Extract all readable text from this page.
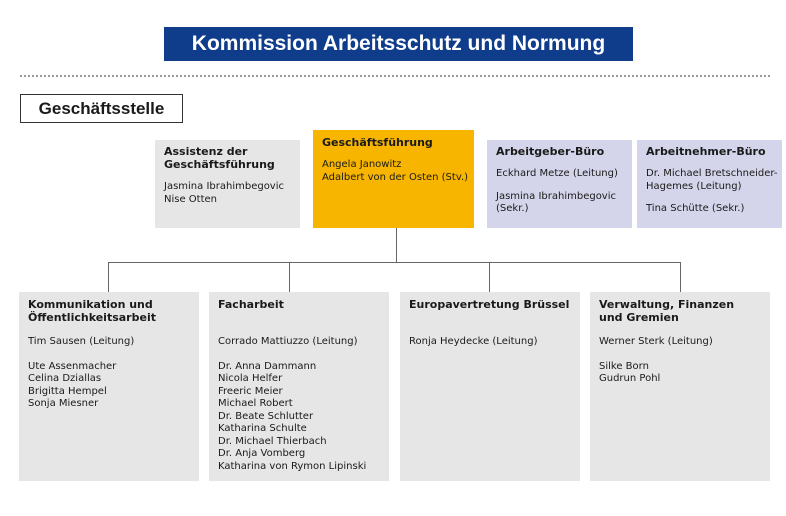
Kommission Arbeitsschutz und Normung
Geschäftsstelle
Assistenz der
Geschäftsführung
Jasmina Ibrahimbegovic
Nise Otten
Geschäftsführung
Angela Janowitz
Adalbert von der Osten (Stv.)
Arbeitgeber-Büro
Eckhard Metze (Leitung)
Jasmina Ibrahimbegovic
(Sekr.)
Arbeitnehmer-Büro
Dr. Michael Bretschneider-
Hagemes (Leitung)
Tina Schütte (Sekr.)
Kommunikation und
Öffentlichkeitsarbeit
Tim Sausen (Leitung)
Ute Assenmacher
Celina Dziallas
Brigitta Hempel
Sonja Miesner
Facharbeit
Corrado Mattiuzzo (Leitung)
Dr. Anna Dammann
Nicola Helfer
Freeric Meier
Michael Robert
Dr. Beate Schlutter
Katharina Schulte
Dr. Michael Thierbach
Dr. Anja Vomberg
Katharina von Rymon Lipinski
Europavertretung Brüssel
Ronja Heydecke (Leitung)
Verwaltung, Finanzen
und Gremien
Werner Sterk (Leitung)
Silke Born
Gudrun Pohl
